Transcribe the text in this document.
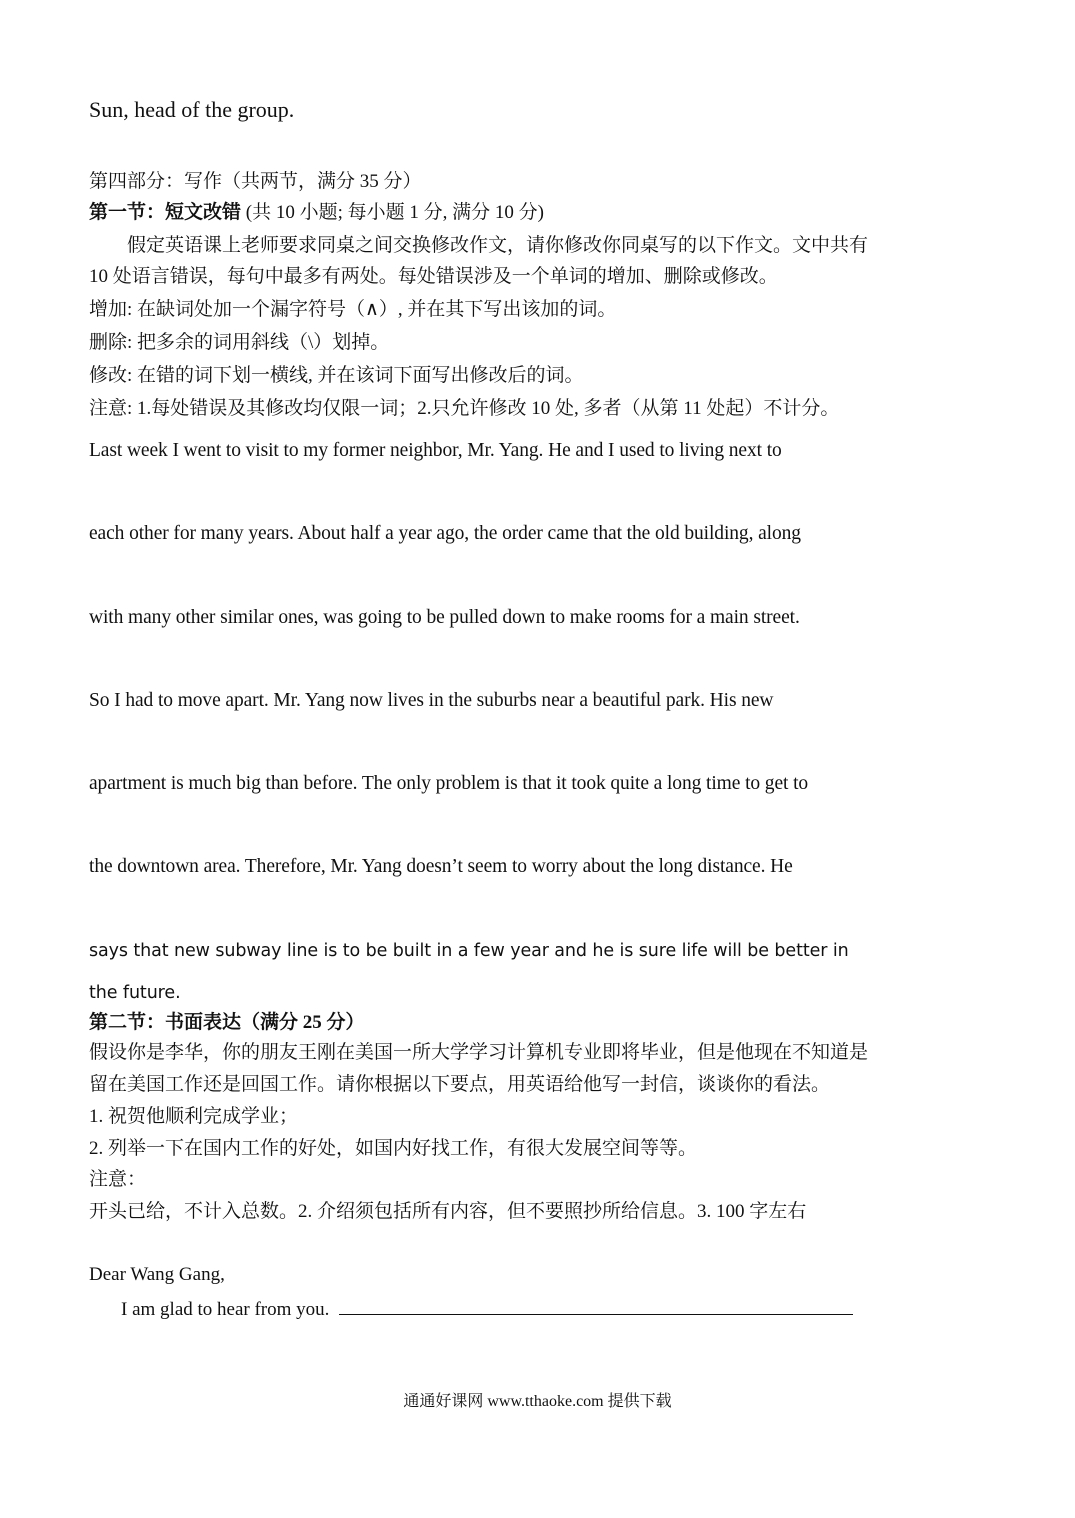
Sun, head of the group.
第四部分：写作（共两节，满分 35 分）
第一节：短文改错 (共 10 小题; 每小题 1 分, 满分 10 分)
假定英语课上老师要求同桌之间交换修改作文，请你修改你同桌写的以下作文。文中共有
10 处语言错误，每句中最多有两处。每处错误涉及一个单词的增加、删除或修改。
增加: 在缺词处加一个漏字符号（∧）, 并在其下写出该加的词。
删除: 把多余的词用斜线（\）划掉。
修改: 在错的词下划一横线, 并在该词下面写出修改后的词。
注意: 1.每处错误及其修改均仅限一词；2.只允许修改 10 处, 多者（从第 11 处起）不计分。
Last week I went to visit to my former neighbor, Mr. Yang. He and I used to living next to
each other for many years. About half a year ago, the order came that the old building, along
with many other similar ones, was going to be pulled down to make rooms for a main street.
So I had to move apart. Mr. Yang now lives in the suburbs near a beautiful park. His new
apartment is much big than before. The only problem is that it took quite a long time to get to
the downtown area. Therefore, Mr. Yang doesn’t seem to worry about the long distance. He
says that new subway line is to be built in a few year and he is sure life will be better in
the future.
第二节：书面表达（满分 25 分）
假设你是李华，你的朋友王刚在美国一所大学学习计算机专业即将毕业，但是他现在不知道是
留在美国工作还是回国工作。请你根据以下要点，用英语给他写一封信，谈谈你的看法。
1. 祝贺他顺利完成学业；
2. 列举一下在国内工作的好处，如国内好找工作，有很大发展空间等等。
注意：
开头已给，不计入总数。2. 介绍须包括所有内容，但不要照抄所给信息。3. 100 字左右
Dear Wang Gang,
I am glad to hear from you.
通通好课网 www.tthaoke.com 提供下载
